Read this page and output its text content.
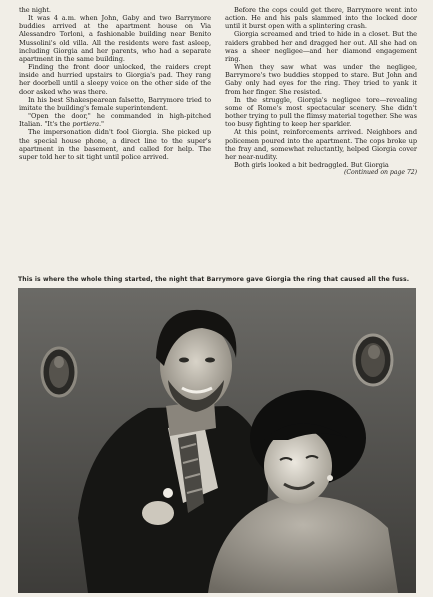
the night.

It was 4 a.m. when John, Gaby and two Barrymore buddies arrived at the apartment house on Via Alessandro Torloni, a fashionable building near Benito Mussolini's old villa. All the residents were fast asleep, including Giorgia and her parents, who had a separate apartment in the same building.

Finding the front door unlocked, the raiders crept inside and hurried upstairs to Giorgia's pad. They rang her doorbell until a sleepy voice on the other side of the door asked who was there.

In his best Shakespearean falsetto, Barrymore tried to imitate the building's female superintendent.

"Open the door," he commanded in high-pitched Italian. "It's the portiera."

The impersonation didn't fool Giorgia. She picked up the special house phone, a direct line to the super's apartment in the basement, and called for help. The super told her to sit tight until police arrived.

Before the cops could get there, Barrymore went into action. He and his pals slammed into the locked door until it burst open with a splintering crash.

Giorgia screamed and tried to hide in a closet. But the raiders grabbed her and dragged her out. All she had on was a sheer negligee—and her diamond engagement ring.

When they saw what was under the negligee, Barrymore's two buddies stopped to stare. But John and Gaby only had eyes for the ring. They tried to yank it from her finger. She resisted.

In the struggle, Giorgia's negligee tore—revealing some of Rome's most spectacular scenery. She didn't bother trying to pull the flimsy material together. She was too busy fighting to keep her sparkler.

At this point, reinforcements arrived. Neighbors and policemen poured into the apartment. The cops broke up the fray and, somewhat reluctantly, helped Giorgia cover her near-nudity.

Both girls looked a bit bedraggled. But Giorgia

(Continued on page 72)

This is where the whole thing started, the night that Barrymore gave Giorgia the ring that caused all the fuss.
